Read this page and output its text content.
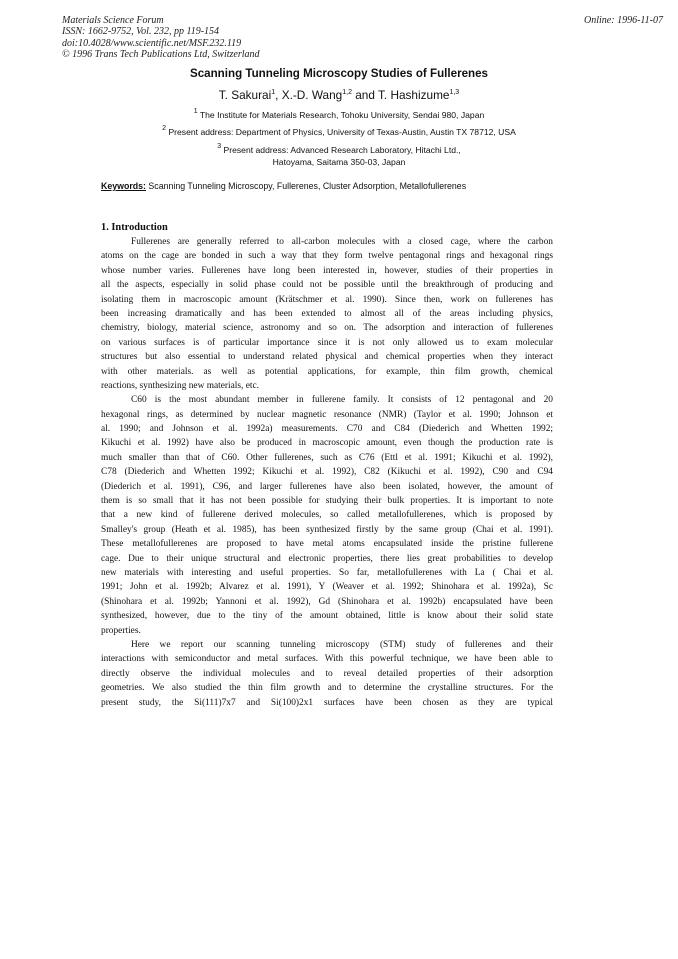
Materials Science Forum
ISSN: 1662-9752, Vol. 232, pp 119-154
doi:10.4028/www.scientific.net/MSF.232.119
© 1996 Trans Tech Publications Ltd, Switzerland
Online: 1996-11-07
Scanning Tunneling Microscopy Studies of Fullerenes
T. Sakurai$^1$, X.-D. Wang$^{1,2}$ and T. Hashizume$^{1,3}$
$^1$ The Institute for Materials Research, Tohoku University, Sendai 980, Japan
$^2$ Present address: Department of Physics, University of Texas-Austin, Austin TX 78712, USA
$^3$ Present address: Advanced Research Laboratory, Hitachi Ltd.,
Hatoyama, Saitama 350-03, Japan
Keywords: Scanning Tunneling Microscopy, Fullerenes, Cluster Adsorption, Metallofullerenes
1. Introduction
Fullerenes are generally referred to all-carbon molecules with a closed cage, where the carbon
atoms on the cage are bonded in such a way that they form twelve pentagonal rings and hexagonal rings
whose number varies. Fullerenes have long been interested in, however, studies of their properties in
all the aspects, especially in solid phase could not be possible until the breakthrough of producing and
isolating them in macroscopic amount (Krätschmer et al. 1990). Since then, work on fullerenes has
been increasing dramatically and has been extended to almost all of the areas including physics,
chemistry, biology, material science, astronomy and so on. The adsorption and interaction of fullerenes
on various surfaces is of particular importance since it is not only allowed us to exam molecular
structures but also essential to understand related physical and chemical properties when they interact
with other materials. as well as potential applications, for example, thin film growth, chemical
reactions, synthesizing new materials, etc.
C60 is the most abundant member in fullerene family. It consists of 12 pentagonal and 20
hexagonal rings, as determined by nuclear magnetic resonance (NMR) (Taylor et al. 1990; Johnson et
al. 1990; and Johnson et al. 1992a) measurements. C70 and C84 (Diederich and Whetten 1992;
Kikuchi et al. 1992) have also be produced in macroscopic amount, even though the production rate is
much smaller than that of C60. Other fullerenes, such as C76 (Ettl et al. 1991; Kikuchi et al. 1992),
C78 (Diederich and Whetten 1992; Kikuchi et al. 1992), C82 (Kikuchi et al. 1992), C90 and C94
(Diederich et al. 1991), C96, and larger fullerenes have also been isolated, however, the amount of
them is so small that it has not been possible for studying their bulk properties. It is important to note
that a new kind of fullerene derived molecules, so called metallofullerenes, which is proposed by
Smalley's group (Heath et al. 1985), has been synthesized firstly by the same group (Chai et al. 1991).
These metallofullerenes are proposed to have metal atoms encapsulated inside the pristine fullerene
cage. Due to their unique structural and electronic properties, there lies great probabilities to develop
new materials with interesting and useful properties. So far, metallofullerenes with La ( Chai et al.
1991; John et al. 1992b; Alvarez et al. 1991), Y (Weaver et al. 1992; Shinohara et al. 1992a), Sc
(Shinohara et al. 1992b; Yannoni et al. 1992), Gd (Shinohara et al. 1992b) encapsulated have been
synthesized, however, due to the tiny of the amount obtained, little is know about their solid state
properties.
Here we report our scanning tunneling microscopy (STM) study of fullerenes and their
interactions with semiconductor and metal surfaces. With this powerful technique, we have been able to
directly observe the individual molecules and to reveal detailed properties of their adsorption
geometries. We also studied the thin film growth and to determine the crystalline structures. For the
present study, the Si(111)7x7 and Si(100)2x1 surfaces have been chosen as they are typical
